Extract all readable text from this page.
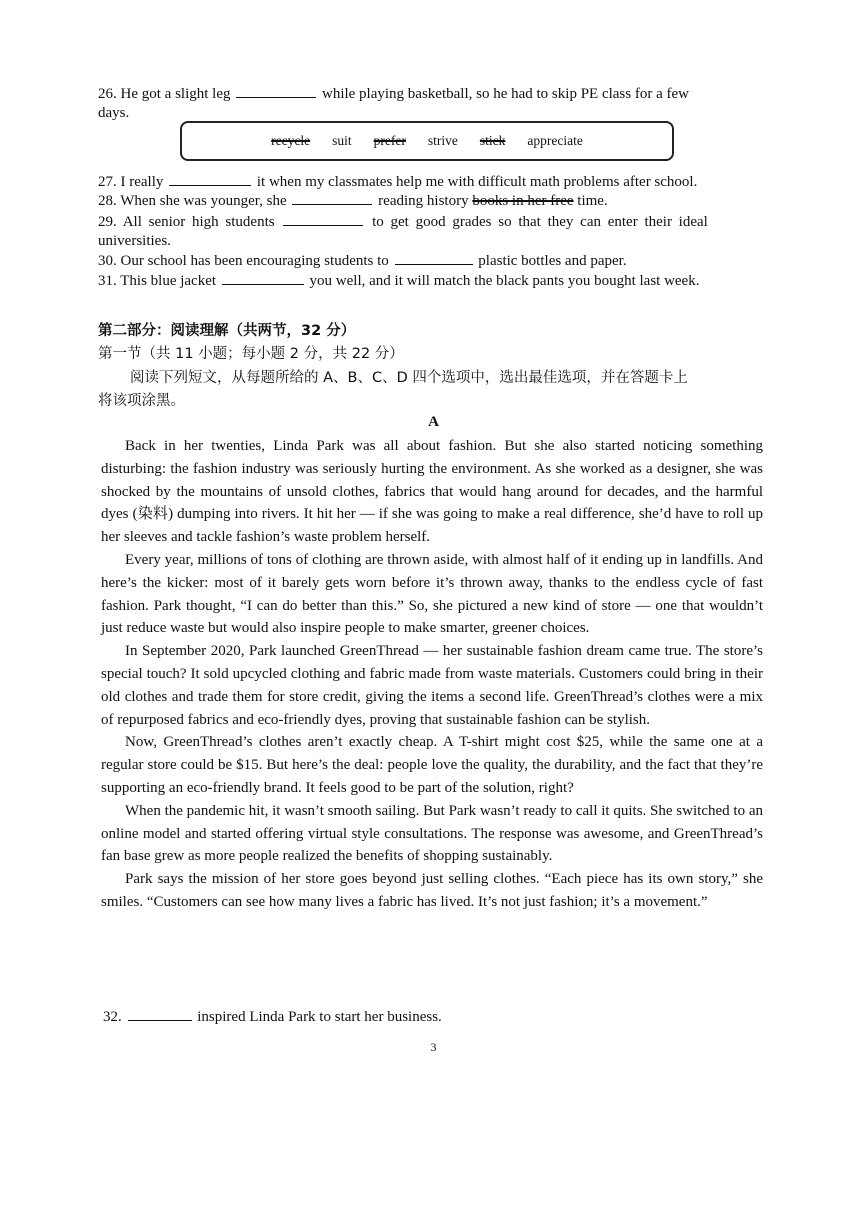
26. He got a slight leg	while playing basketball, so he had to skip PE class for a few
days.
recycle suit prefer strive stick appreciate
27. I really	it when my classmates help me with difficult math problems after school.
28. When she was younger, she	reading history books in her free time.
29. All senior high students	to get good grades so that they can enter their ideal
universities.
30. Our school has been encouraging students to	plastic bottles and paper.
31. This blue jacket	you well, and it will match the black pants you bought last week.
第二部分：阅读理解（共两节，32 分）
第一节（共 11 小题；每小题 2 分，共 22 分）
阅读下列短文，从每题所给的 A、B、C、D 四个选项中，选出最佳选项，并在答题卡上
将该项涂黑。
A

Back in her twenties, Linda Park was all about fashion. But she also started noticing something disturbing: the fashion industry was seriously hurting the environment. As she worked as a designer, she was shocked by the mountains of unsold clothes, fabrics that would hang around for decades, and the harmful dyes (染料) dumping into rivers. It hit her — if she was going to make a real difference, she’d have to roll up her sleeves and tackle fashion’s waste problem herself.

Every year, millions of tons of clothing are thrown aside, with almost half of it ending up in landfills. And here’s the kicker: most of it barely gets worn before it’s thrown away, thanks to the endless cycle of fast fashion. Park thought, “I can do better than this.” So, she pictured a new kind of store — one that wouldn’t just reduce waste but would also inspire people to make smarter, greener choices.

In September 2020, Park launched GreenThread — her sustainable fashion dream came true. The store’s special touch? It sold upcycled clothing and fabric made from waste materials. Customers could bring in their old clothes and trade them for store credit, giving the items a second life. GreenThread’s clothes were a mix of repurposed fabrics and eco-friendly dyes, proving that sustainable fashion can be stylish.

Now, GreenThread’s clothes aren’t exactly cheap. A T-shirt might cost $25, while the same one at a regular store could be $15. But here’s the deal: people love the quality, the durability, and the fact that they’re supporting an eco-friendly brand. It feels good to be part of the solution, right?

When the pandemic hit, it wasn’t smooth sailing. But Park wasn’t ready to call it quits. She switched to an online model and started offering virtual style consultations. The response was awesome, and GreenThread’s fan base grew as more people realized the benefits of shopping sustainably.

Park says the mission of her store goes beyond just selling clothes. “Each piece has its own story,” she smiles. “Customers can see how many lives a fabric has lived. It’s not just fashion; it’s a movement.”

32.	inspired Linda Park to start her business.
3
